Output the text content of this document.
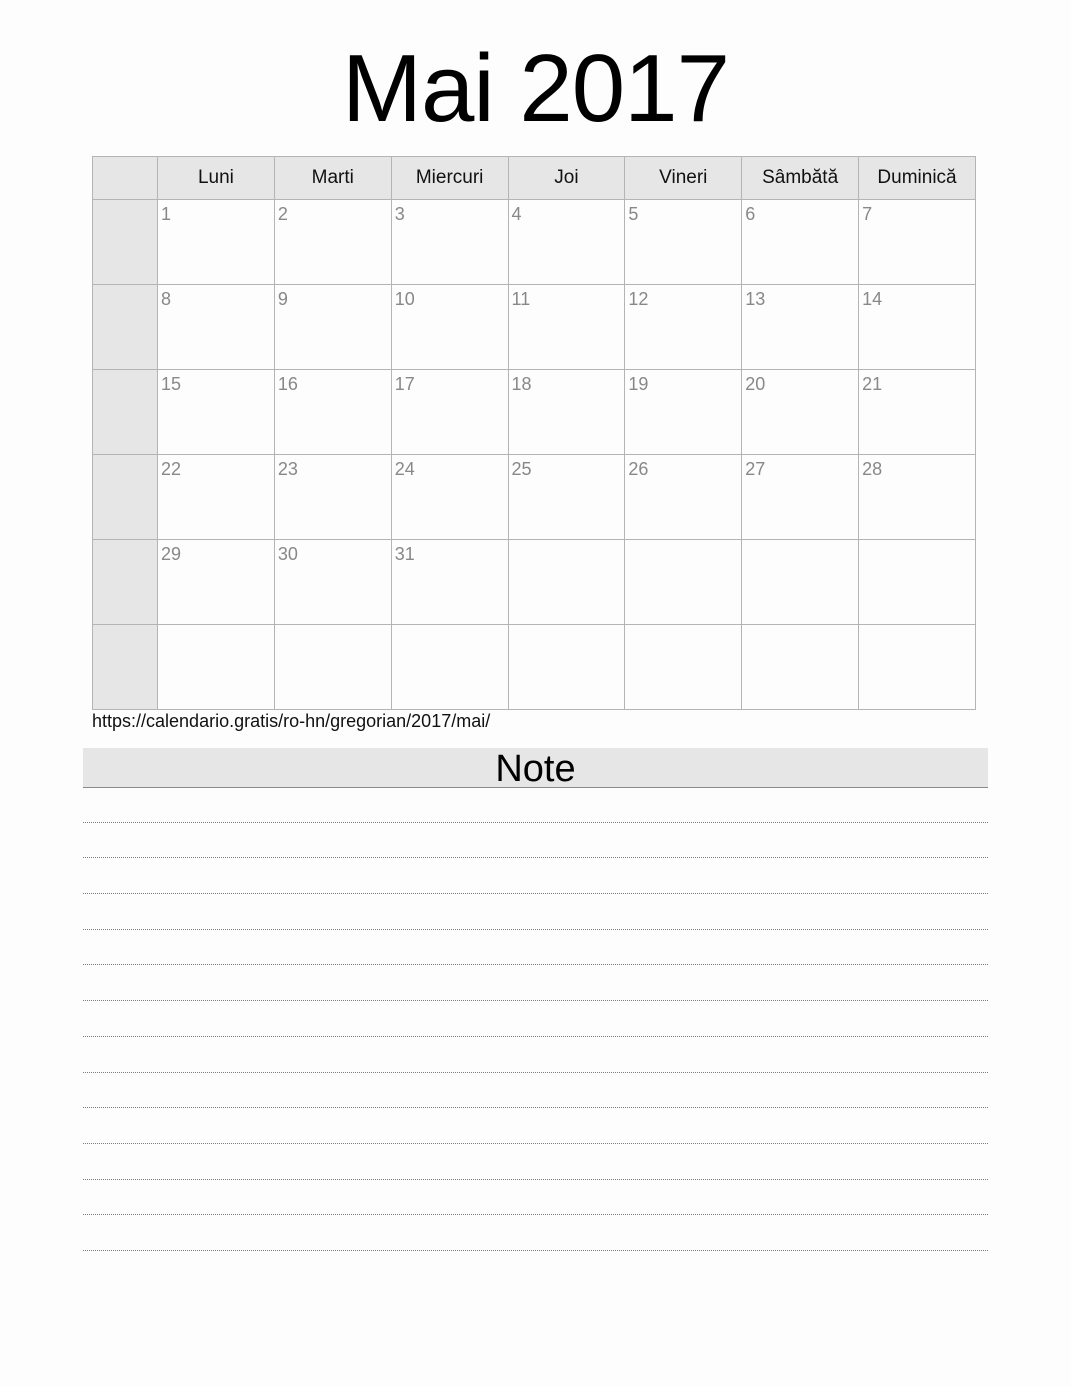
Mai 2017
	Luni	Marti	Miercuri	Joi	Vineri	Sâmbătă	Duminică

	1	2	3	4	5	6	7

	8	9	10	11	12	13	14

	15	16	17	18	19	20	21

	22	23	24	25	26	27	28

	29	30	31				

https://calendario.gratis/ro-hn/gregorian/2017/mai/
Note
